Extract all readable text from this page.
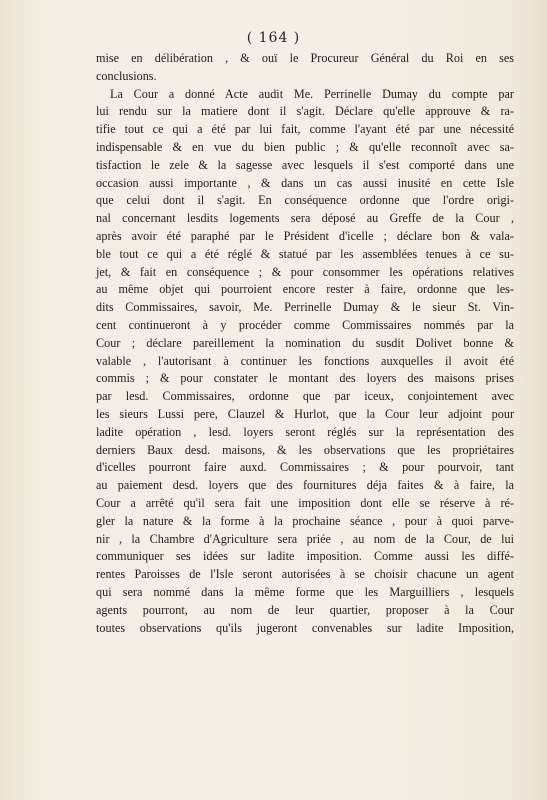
( 164 )
mise en délibération , & ouï le Procureur Général du Roi en ses
conclusions.
La Cour a donné Acte audit Me. Perrinelle Dumay du compte par
lui rendu sur la matiere dont il s'agit. Déclare qu'elle approuve & ra-
tifie tout ce qui a été par lui fait, comme l'ayant été par une nécessité
indispensable & en vue du bien public ; & qu'elle reconnoît avec sa-
tisfaction le zele & la sagesse avec lesquels il s'est comporté dans une
occasion aussi importante , & dans un cas aussi inusité en cette Isle
que celui dont il s'agit. En conséquence ordonne que l'ordre origi-
nal concernant lesdits logements sera déposé au Greffe de la Cour ,
après avoir été paraphé par le Président d'icelle ; déclare bon & vala-
ble tout ce qui a été réglé & statué par les assemblées tenues à ce su-
jet, & fait en conséquence ; & pour consommer les opérations relatives
au même objet qui pourroient encore rester à faire, ordonne que les-
dits Commissaires, savoir, Me. Perrinelle Dumay & le sieur St. Vin-
cent continueront à y procéder comme Commissaires nommés par la
Cour ; déclare pareillement la nomination du susdit Dolivet bonne &
valable , l'autorisant à continuer les fonctions auxquelles il avoit été
commis ; & pour constater le montant des loyers des maisons prises
par lesd. Commissaires, ordonne que par iceux, conjointement avec
les sieurs Lussi pere, Clauzel & Hurlot, que la Cour leur adjoint pour
ladite opération , lesd. loyers seront réglés sur la représentation des
derniers Baux desd. maisons, & les observations que les propriétaires
d'icelles pourront faire auxd. Commissaires ; & pour pourvoir, tant
au paiement desd. loyers que des fournitures déja faites & à faire, la
Cour a arrêté qu'il sera fait une imposition dont elle se réserve à ré-
gler la nature & la forme à la prochaine séance , pour à quoi parve-
nir , la Chambre d'Agriculture sera priée , au nom de la Cour, de lui
communiquer ses idées sur ladite imposition. Comme aussi les diffé-
rentes Paroisses de l'Isle seront autorisées à se choisir chacune un agent
qui sera nommé dans la même forme que les Marguilliers , lesquels
agents pourront, au nom de leur quartier, proposer à la Cour
toutes observations qu'ils jugeront convenables sur ladite Imposition,
